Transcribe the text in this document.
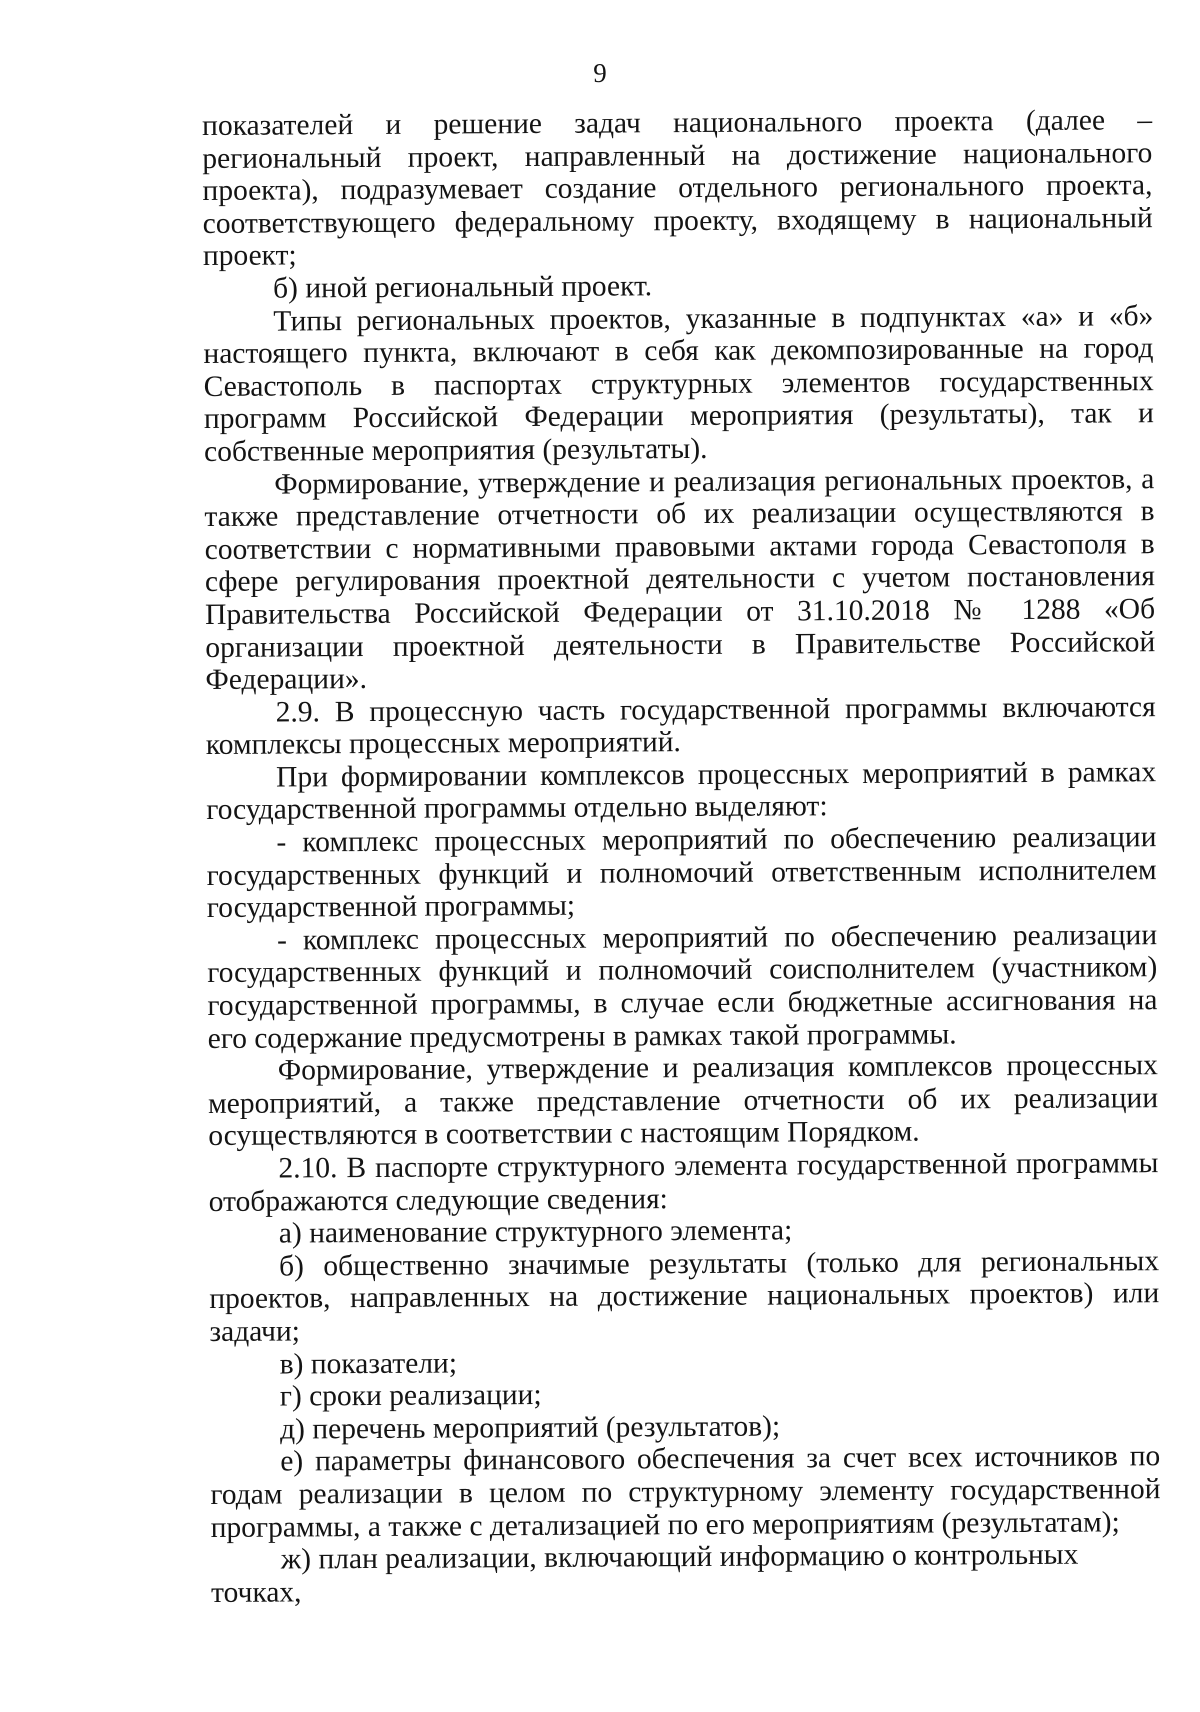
9

показателей и решение задач национального проекта (далее – региональный проект, направленный на достижение национального проекта), подразумевает создание отдельного регионального проекта, соответствующего федеральному проекту, входящему в национальный проект;

б) иной региональный проект.

Типы региональных проектов, указанные в подпунктах «а» и «б» настоящего пункта, включают в себя как декомпозированные на город Севастополь в паспортах структурных элементов государственных программ Российской Федерации мероприятия (результаты), так и собственные мероприятия (результаты).

Формирование, утверждение и реализация региональных проектов, а также представление отчетности об их реализации осуществляются в соответствии с нормативными правовыми актами города Севастополя в сфере регулирования проектной деятельности с учетом постановления Правительства Российской Федерации от 31.10.2018 № 1288 «Об организации проектной деятельности в Правительстве Российской Федерации».

2.9. В процессную часть государственной программы включаются комплексы процессных мероприятий.

При формировании комплексов процессных мероприятий в рамках государственной программы отдельно выделяют:

- комплекс процессных мероприятий по обеспечению реализации государственных функций и полномочий ответственным исполнителем государственной программы;

- комплекс процессных мероприятий по обеспечению реализации государственных функций и полномочий соисполнителем (участником) государственной программы, в случае если бюджетные ассигнования на его содержание предусмотрены в рамках такой программы.

Формирование, утверждение и реализация комплексов процессных мероприятий, а также представление отчетности об их реализации осуществляются в соответствии с настоящим Порядком.

2.10. В паспорте структурного элемента государственной программы отображаются следующие сведения:

а) наименование структурного элемента;

б) общественно значимые результаты (только для региональных проектов, направленных на достижение национальных проектов) или задачи;

в) показатели;

г) сроки реализации;

д) перечень мероприятий (результатов);

е) параметры финансового обеспечения за счет всех источников по годам реализации в целом по структурному элементу государственной программы, а также с детализацией по его мероприятиям (результатам);

ж) план реализации, включающий информацию о контрольных точках,
